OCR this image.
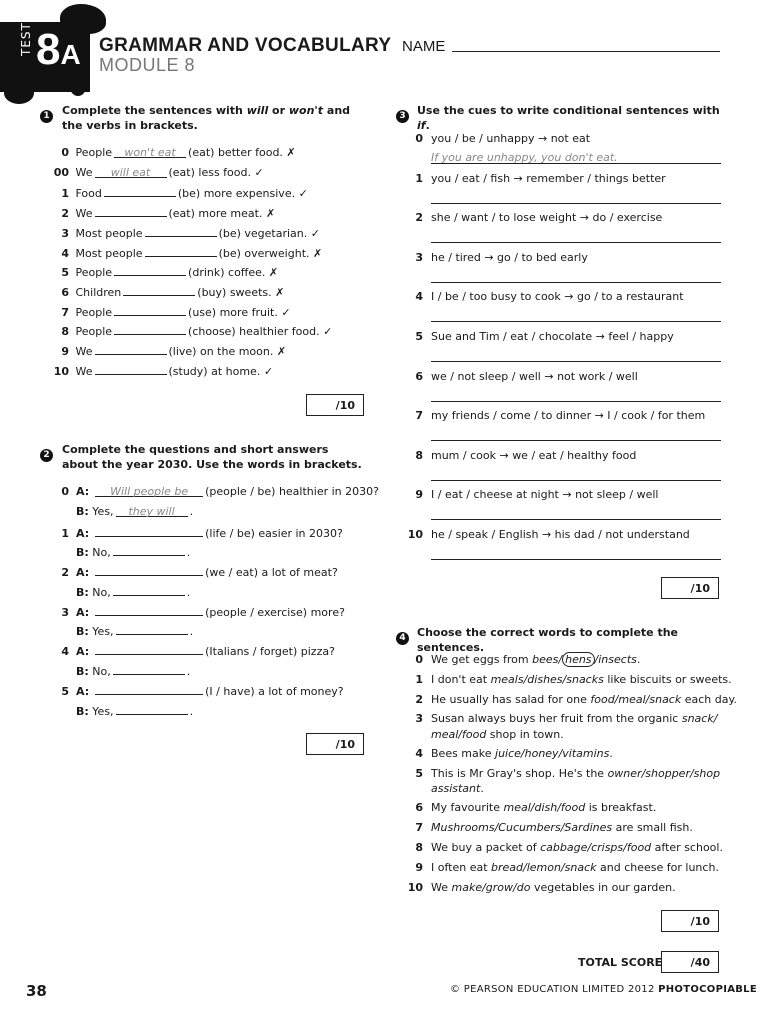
TEST 8A GRAMMAR AND VOCABULARY
MODULE 8
NAME
1	Complete the sentences with will or won't and the verbs in brackets.
0 People won't eat (eat) better food. ✗
00 We will eat (eat) less food. ✓
1 Food	(be) more expensive. ✓
2 We	(eat) more meat. ✗
3 Most people	(be) vegetarian. ✓
4 Most people	(be) overweight. ✗
5 People	(drink) coffee. ✗
6 Children	(buy) sweets. ✗
7 People	(use) more fruit. ✓
8 People	(choose) healthier food. ✓
9 We	(live) on the moon. ✗
10 We	(study) at home. ✓
/10
2	Complete the questions and short answers about the year 2030. Use the words in brackets.
0 A: Will people be (people / be) healthier in 2030?
B: Yes, they will .
1 A:	(life / be) easier in 2030?
B: No,	.
2 A:	(we / eat) a lot of meat?
B: No,	.
3 A:	(people / exercise) more?
B: Yes,	.
4 A:	(Italians / forget) pizza?
B: No,	.
5 A:	(I / have) a lot of money?
B: Yes,	.
/10
3	Use the cues to write conditional sentences with if.
0 you / be / unhappy → not eat
If you are unhappy, you don't eat.
1 you / eat / fish → remember / things better
2 she / want / to lose weight → do / exercise
3 he / tired → go / to bed early
4 I / be / too busy to cook → go / to a restaurant
5 Sue and Tim / eat / chocolate → feel / happy
6 we / not sleep / well → not work / well
7 my friends / come / to dinner → I / cook / for them
8 mum / cook → we / eat / healthy food
9 I / eat / cheese at night → not sleep / well
10 he / speak / English → his dad / not understand
/10
4	Choose the correct words to complete the sentences.
0 We get eggs from bees/ hens /insects.
1 I don't eat meals/dishes/snacks like biscuits or sweets.
2 He usually has salad for one food/meal/snack each day.
3 Susan always buys her fruit from the organic snack/
meal/food shop in town.
4 Bees make juice/honey/vitamins.
5 This is Mr Gray's shop. He's the owner/shopper/shop
assistant.
6 My favourite meal/dish/food is breakfast.
7 Mushrooms/Cucumbers/Sardines are small fish.
8 We buy a packet of cabbage/crisps/food after school.
9 I often eat bread/lemon/snack and cheese for lunch.
10 We make/grow/do vegetables in our garden.
/10
TOTAL SCORE	/40
38	© PEARSON EDUCATION LIMITED 2012 PHOTOCOPIABLE
